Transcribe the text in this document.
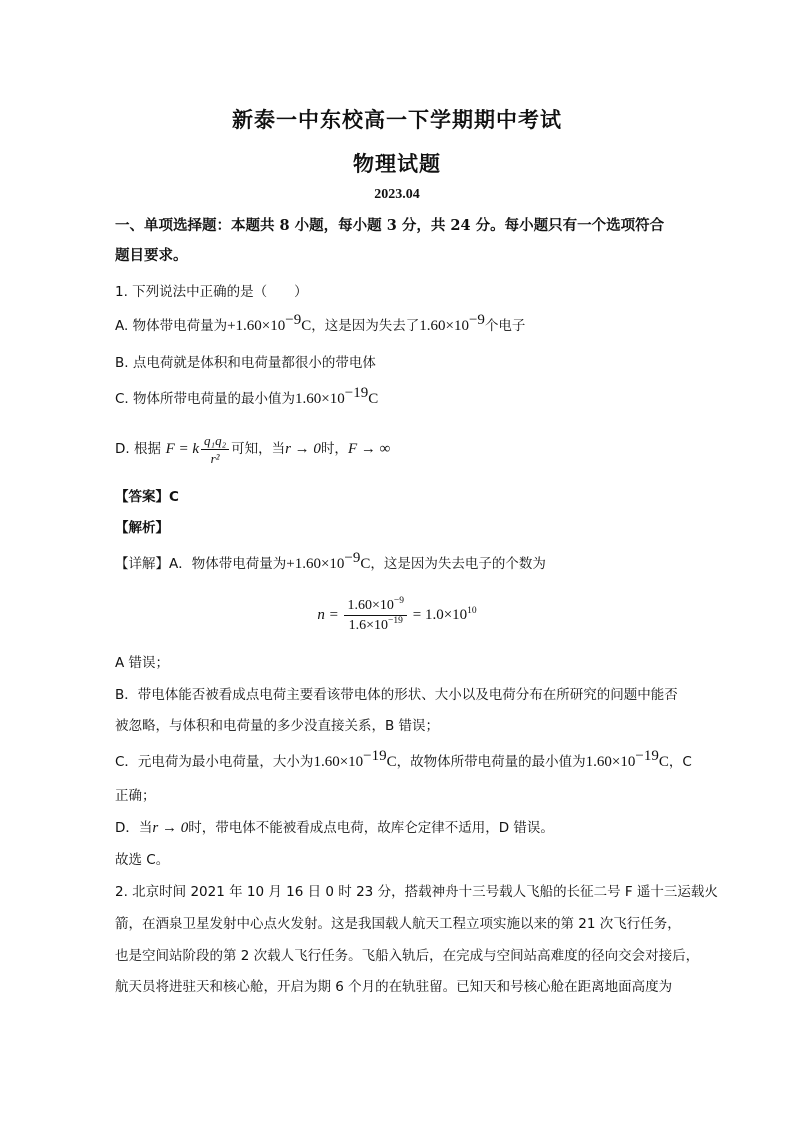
新泰一中东校高一下学期期中考试
物理试题
2023.04
一、单项选择题：本题共 8 小题，每小题 3 分，共 24 分。每小题只有一个选项符合
题目要求。
1. 下列说法中正确的是（　　）
A. 物体带电荷量为$+1.60\times 10^{-9}C$，这是因为失去了$1.60\times 10^{-9}$个电子
B. 点电荷就是体积和电荷量都很小的带电体
C. 物体所带电荷量的最小值为$1.60\times 10^{-19}C$
D. 根据 F = k $\frac{\text{q₁q₂}}{\text{r²}}$ 可知，当r → 0时，F → ∞
【答案】C
【解析】
【详解】A．物体带电荷量为$+1.60\times 10^{-9}C$，这是因为失去电子的个数为
$n = \frac{1.60\times 10^{-9}}{1.6\times 10^{-19}} = 1.0\times 10^{10}$
A 错误；
B．带电体能否被看成点电荷主要看该带电体的形状、大小以及电荷分布在所研究的问题中能否
被忽略，与体积和电荷量的多少没直接关系，B 错误；
C．元电荷为最小电荷量，大小为$1.60\times 10^{-19}C$，故物体所带电荷量的最小值为$1.60\times 10^{-19}C$，C
正确；
D．当r → 0时，带电体不能被看成点电荷，故库仑定律不适用，D 错误。
故选 C。
2. 北京时间 2021 年 10 月 16 日 0 时 23 分，搭载神舟十三号载人飞船的长征二号 F 遥十三运载火
箭，在酒泉卫星发射中心点火发射。这是我国载人航天工程立项实施以来的第 21 次飞行任务，
也是空间站阶段的第 2 次载人飞行任务。飞船入轨后，在完成与空间站高难度的径向交会对接后，
航天员将进驻天和核心舱，开启为期 6 个月的在轨驻留。已知天和号核心舱在距离地面高度为
